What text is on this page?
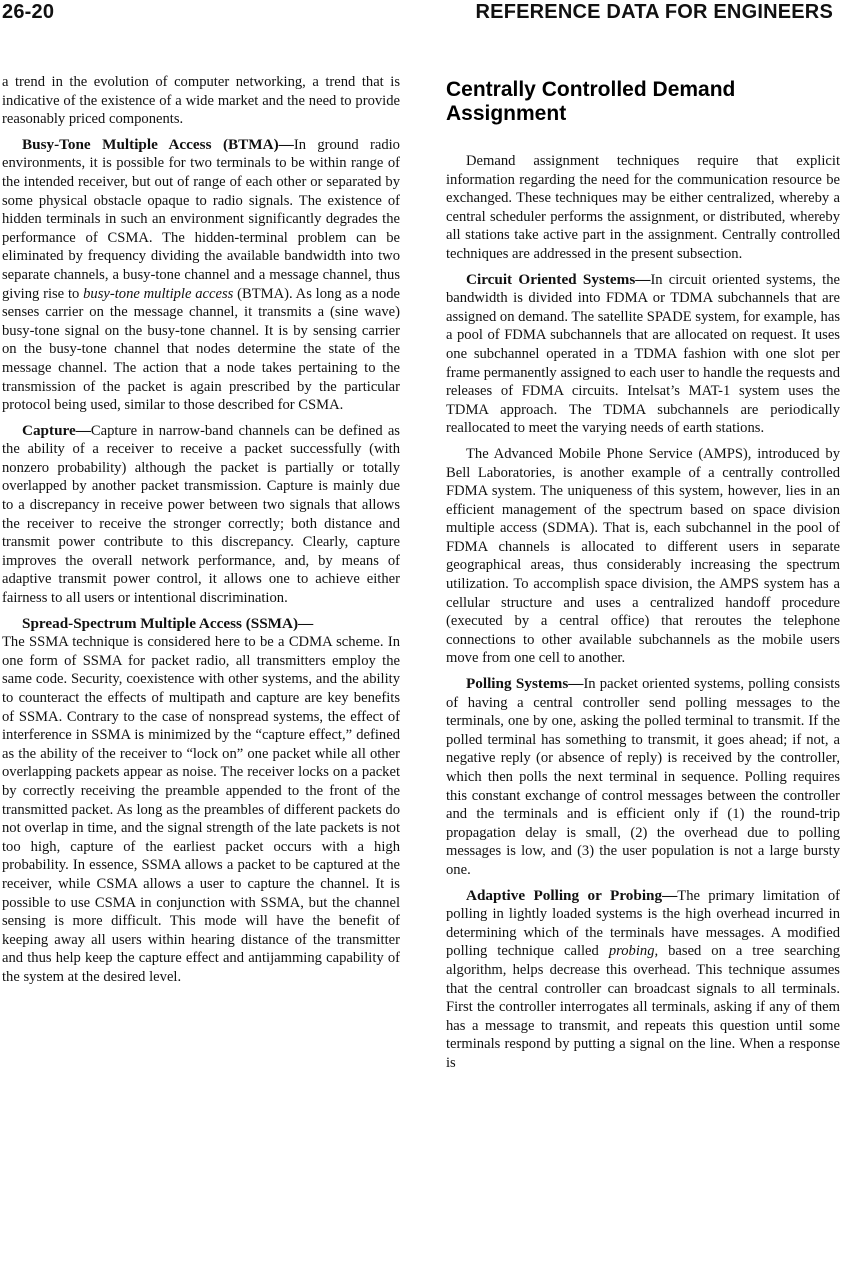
26-20	REFERENCE DATA FOR ENGINEERS

a trend in the evolution of computer networking, a trend that is indicative of the existence of a wide market and the need to provide reasonably priced components.

Busy-Tone Multiple Access (BTMA)—In ground radio environments, it is possible for two terminals to be within range of the intended receiver, but out of range of each other or separated by some physical obstacle opaque to radio signals. The existence of hidden terminals in such an environment significantly degrades the performance of CSMA. The hidden-terminal problem can be eliminated by frequency dividing the available bandwidth into two separate channels, a busy-tone channel and a message channel, thus giving rise to busy-tone multiple access (BTMA). As long as a node senses carrier on the message channel, it transmits a (sine wave) busy-tone signal on the busy-tone channel. It is by sensing carrier on the busy-tone channel that nodes determine the state of the message channel. The action that a node takes pertaining to the transmission of the packet is again prescribed by the particular protocol being used, similar to those described for CSMA.

Capture—Capture in narrow-band channels can be defined as the ability of a receiver to receive a packet successfully (with nonzero probability) although the packet is partially or totally overlapped by another packet transmission. Capture is mainly due to a discrepancy in receive power between two signals that allows the receiver to receive the stronger correctly; both distance and transmit power contribute to this discrepancy. Clearly, capture improves the overall network performance, and, by means of adaptive transmit power control, it allows one to achieve either fairness to all users or intentional discrimination.

Spread-Spectrum Multiple Access (SSMA)—

The SSMA technique is considered here to be a CDMA scheme. In one form of SSMA for packet radio, all transmitters employ the same code. Security, coexistence with other systems, and the ability to counteract the effects of multipath and capture are key benefits of SSMA. Contrary to the case of nonspread systems, the effect of interference in SSMA is minimized by the “capture effect,” defined as the ability of the receiver to “lock on” one packet while all other overlapping packets appear as noise. The receiver locks on a packet by correctly receiving the preamble appended to the front of the transmitted packet. As long as the preambles of different packets do not overlap in time, and the signal strength of the late packets is not too high, capture of the earliest packet occurs with a high probability. In essence, SSMA allows a packet to be captured at the receiver, while CSMA allows a user to capture the channel. It is possible to use CSMA in conjunction with SSMA, but the channel sensing is more difficult. This mode will have the benefit of keeping away all users within hearing distance of the transmitter and thus help keep the capture effect and antijamming capability of the system at the desired level.

Centrally Controlled Demand Assignment

Demand assignment techniques require that explicit information regarding the need for the communication resource be exchanged. These techniques may be either centralized, whereby a central scheduler performs the assignment, or distributed, whereby all stations take active part in the assignment. Centrally controlled techniques are addressed in the present subsection.

Circuit Oriented Systems—In circuit oriented systems, the bandwidth is divided into FDMA or TDMA subchannels that are assigned on demand. The satellite SPADE system, for example, has a pool of FDMA subchannels that are allocated on request. It uses one subchannel operated in a TDMA fashion with one slot per frame permanently assigned to each user to handle the requests and releases of FDMA circuits. Intelsat’s MAT-1 system uses the TDMA approach. The TDMA subchannels are periodically reallocated to meet the varying needs of earth stations.

The Advanced Mobile Phone Service (AMPS), introduced by Bell Laboratories, is another example of a centrally controlled FDMA system. The uniqueness of this system, however, lies in an efficient management of the spectrum based on space division multiple access (SDMA). That is, each subchannel in the pool of FDMA channels is allocated to different users in separate geographical areas, thus considerably increasing the spectrum utilization. To accomplish space division, the AMPS system has a cellular structure and uses a centralized handoff procedure (executed by a central office) that reroutes the telephone connections to other available subchannels as the mobile users move from one cell to another.

Polling Systems—In packet oriented systems, polling consists of having a central controller send polling messages to the terminals, one by one, asking the polled terminal to transmit. If the polled terminal has something to transmit, it goes ahead; if not, a negative reply (or absence of reply) is received by the controller, which then polls the next terminal in sequence. Polling requires this constant exchange of control messages between the controller and the terminals and is efficient only if (1) the round-trip propagation delay is small, (2) the overhead due to polling messages is low, and (3) the user population is not a large bursty one.

Adaptive Polling or Probing—The primary limitation of polling in lightly loaded systems is the high overhead incurred in determining which of the terminals have messages. A modified polling technique called probing, based on a tree searching algorithm, helps decrease this overhead. This technique assumes that the central controller can broadcast signals to all terminals. First the controller interrogates all terminals, asking if any of them has a message to transmit, and repeats this question until some terminals respond by putting a signal on the line. When a response is
